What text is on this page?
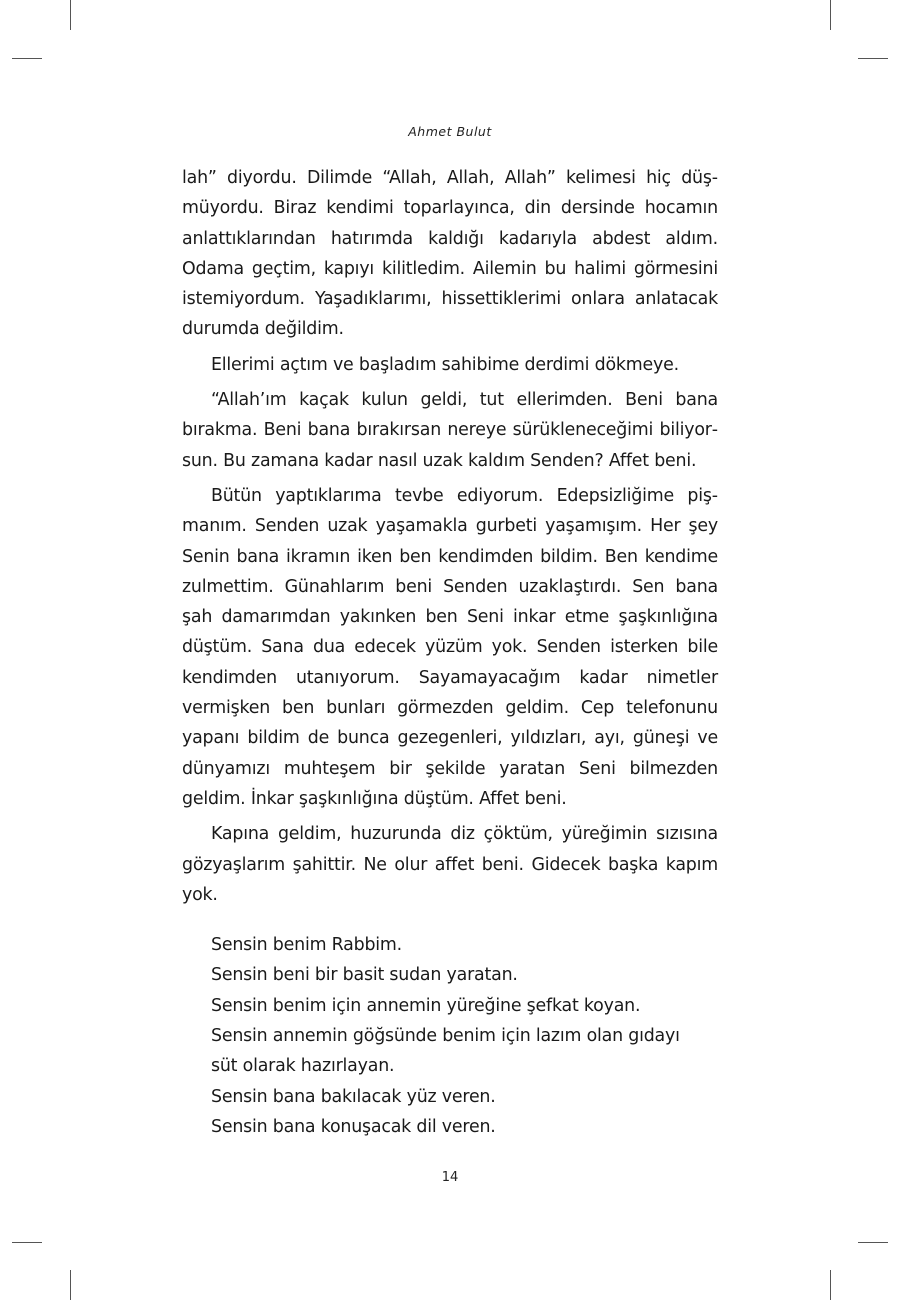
Ahmet Bulut

lah” diyordu. Dilimde “Allah, Allah, Allah” kelimesi hiç düşmüyordu. Biraz kendimi toparlayınca, din dersinde hocamın anlattıklarından hatırımda kaldığı kadarıyla abdest aldım. Odama geçtim, kapıyı kilitledim. Ailemin bu halimi görmesini istemiyordum. Yaşadıklarımı, hissettiklerimi onlara anlatacak durumda değildim.

Ellerimi açtım ve başladım sahibime derdimi dökmeye.

“Allah’ım kaçak kulun geldi, tut ellerimden. Beni bana bırakma. Beni bana bırakırsan nereye sürükleneceğimi biliyorsun. Bu zamana kadar nasıl uzak kaldım Senden? Affet beni.

Bütün yaptıklarıma tevbe ediyorum. Edepsizliğime pişmanım. Senden uzak yaşamakla gurbeti yaşamışım. Her şey Senin bana ikramın iken ben kendimden bildim. Ben kendime zulmettim. Günahlarım beni Senden uzaklaştırdı. Sen bana şah damarımdan yakınken ben Seni inkar etme şaşkınlığına düştüm. Sana dua edecek yüzüm yok. Senden isterken bile kendimden utanıyorum. Sayamayacağım kadar nimetler vermişken ben bunları görmezden geldim. Cep telefonunu yapanı bildim de bunca gezegenleri, yıldızları, ayı, güneşi ve dünyamızı muhteşem bir şekilde yaratan Seni bilmezden geldim. İnkar şaşkınlığına düştüm. Affet beni.

Kapına geldim, huzurunda diz çöktüm, yüreğimin sızısına gözyaşlarım şahittir. Ne olur affet beni. Gidecek başka kapım yok.

Sensin benim Rabbim.
Sensin beni bir basit sudan yaratan.
Sensin benim için annemin yüreğine şefkat koyan.
Sensin annemin göğsünde benim için lazım olan gıdayı
süt olarak hazırlayan.
Sensin bana bakılacak yüz veren.
Sensin bana konuşacak dil veren.
14
